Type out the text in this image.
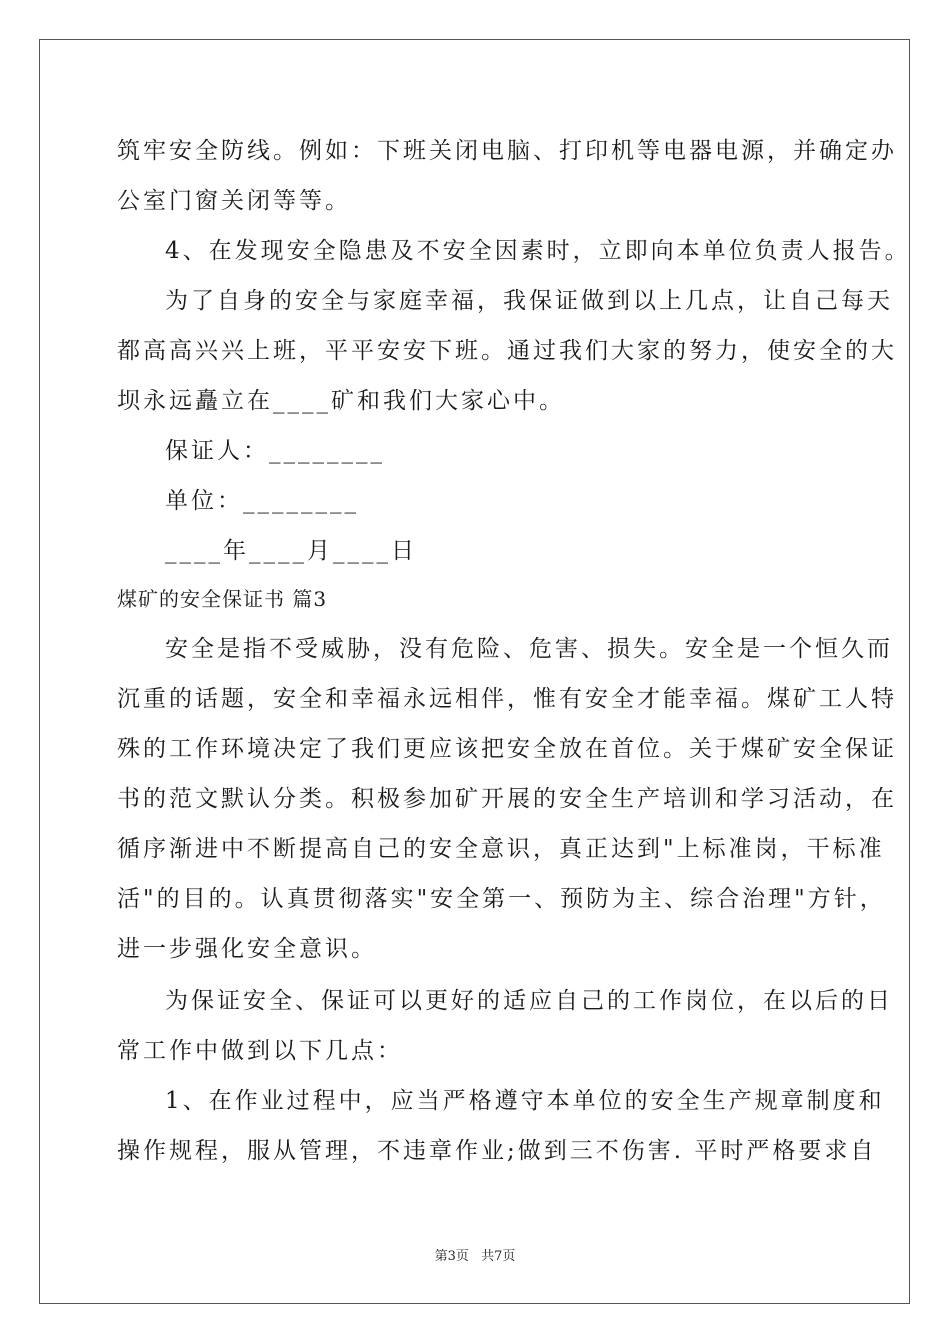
筑牢安全防线。例如：下班关闭电脑、打印机等电器电源，并确定办
公室门窗关闭等等。
4、在发现安全隐患及不安全因素时，立即向本单位负责人报告。
为了自身的安全与家庭幸福，我保证做到以上几点，让自己每天
都高高兴兴上班，平平安安下班。通过我们大家的努力，使安全的大
坝永远矗立在____矿和我们大家心中。
保证人：________
单位：________
____年____月____日
煤矿的安全保证书 篇3
安全是指不受威胁，没有危险、危害、损失。安全是一个恒久而
沉重的话题，安全和幸福永远相伴，惟有安全才能幸福。煤矿工人特
殊的工作环境决定了我们更应该把安全放在首位。关于煤矿安全保证
书的范文默认分类。积极参加矿开展的安全生产培训和学习活动，在
循序渐进中不断提高自己的安全意识，真正达到"上标准岗，干标准
活"的目的。认真贯彻落实"安全第一、预防为主、综合治理"方针，
进一步强化安全意识。
为保证安全、保证可以更好的适应自己的工作岗位，在以后的日
常工作中做到以下几点：
1、在作业过程中，应当严格遵守本单位的安全生产规章制度和
操作规程，服从管理，不违章作业;做到三不伤害. 平时严格要求自
第3页 共7页
